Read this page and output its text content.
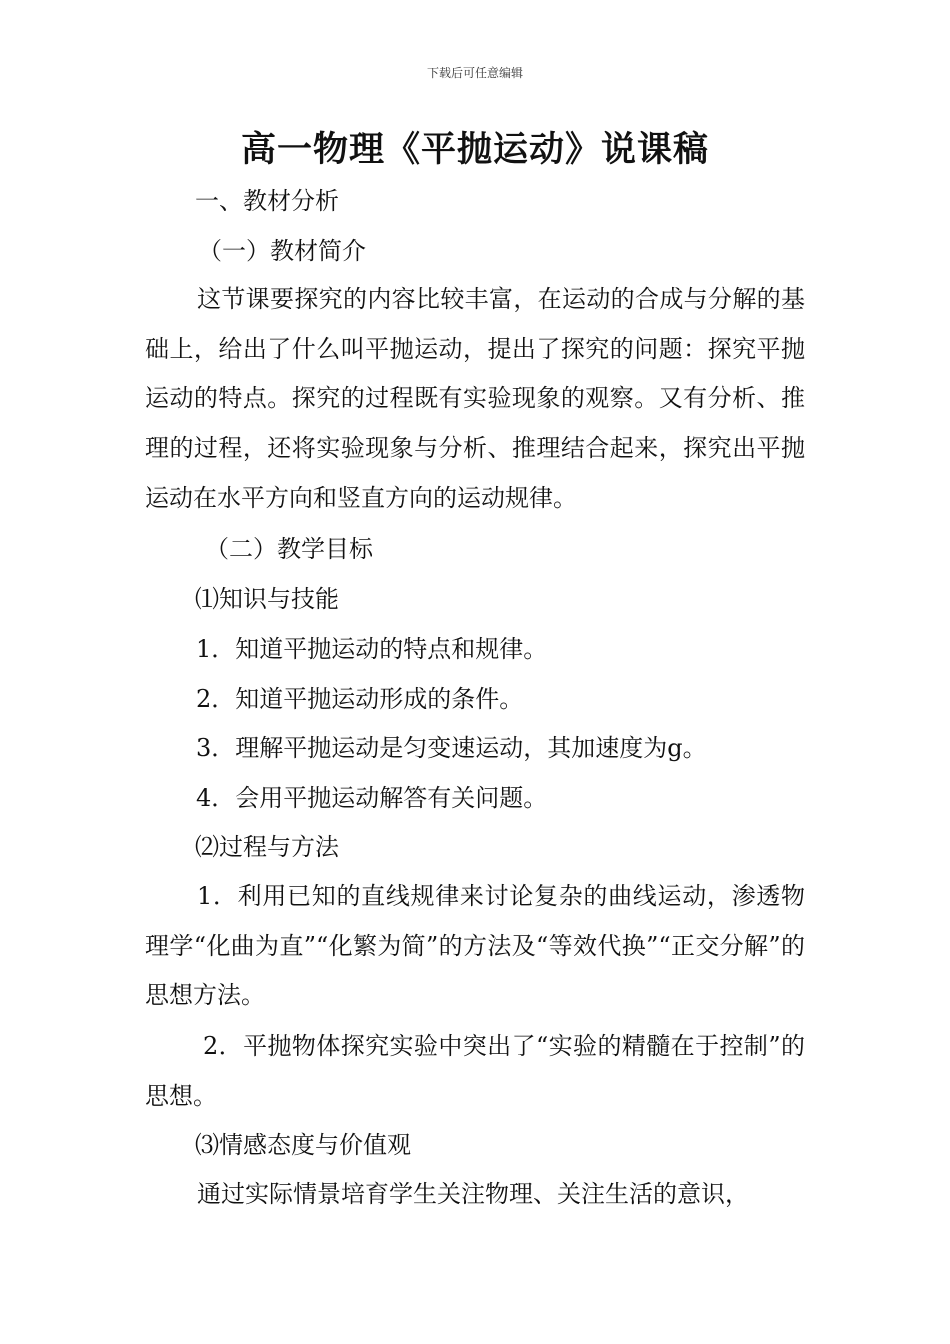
下载后可任意编辑
高一物理《平抛运动》说课稿
一、教材分析
（一）教材简介
这节课要探究的内容比较丰富，在运动的合成与分解的基础上，给出了什么叫平抛运动，提出了探究的问题：探究平抛运动的特点。探究的过程既有实验现象的观察。又有分析、推理的过程，还将实验现象与分析、推理结合起来，探究出平抛运动在水平方向和竖直方向的运动规律。
（二）教学目标
⑴知识与技能
1．知道平抛运动的特点和规律。
2．知道平抛运动形成的条件。
3．理解平抛运动是匀变速运动，其加速度为g。
4．会用平抛运动解答有关问题。
⑵过程与方法
1．利用已知的直线规律来讨论复杂的曲线运动，渗透物理学“化曲为直”“化繁为简”的方法及“等效代换”“正交分解”的思想方法。
2．平抛物体探究实验中突出了“实验的精髓在于控制”的思想。
⑶情感态度与价值观
通过实际情景培育学生关注物理、关注生活的意识，
